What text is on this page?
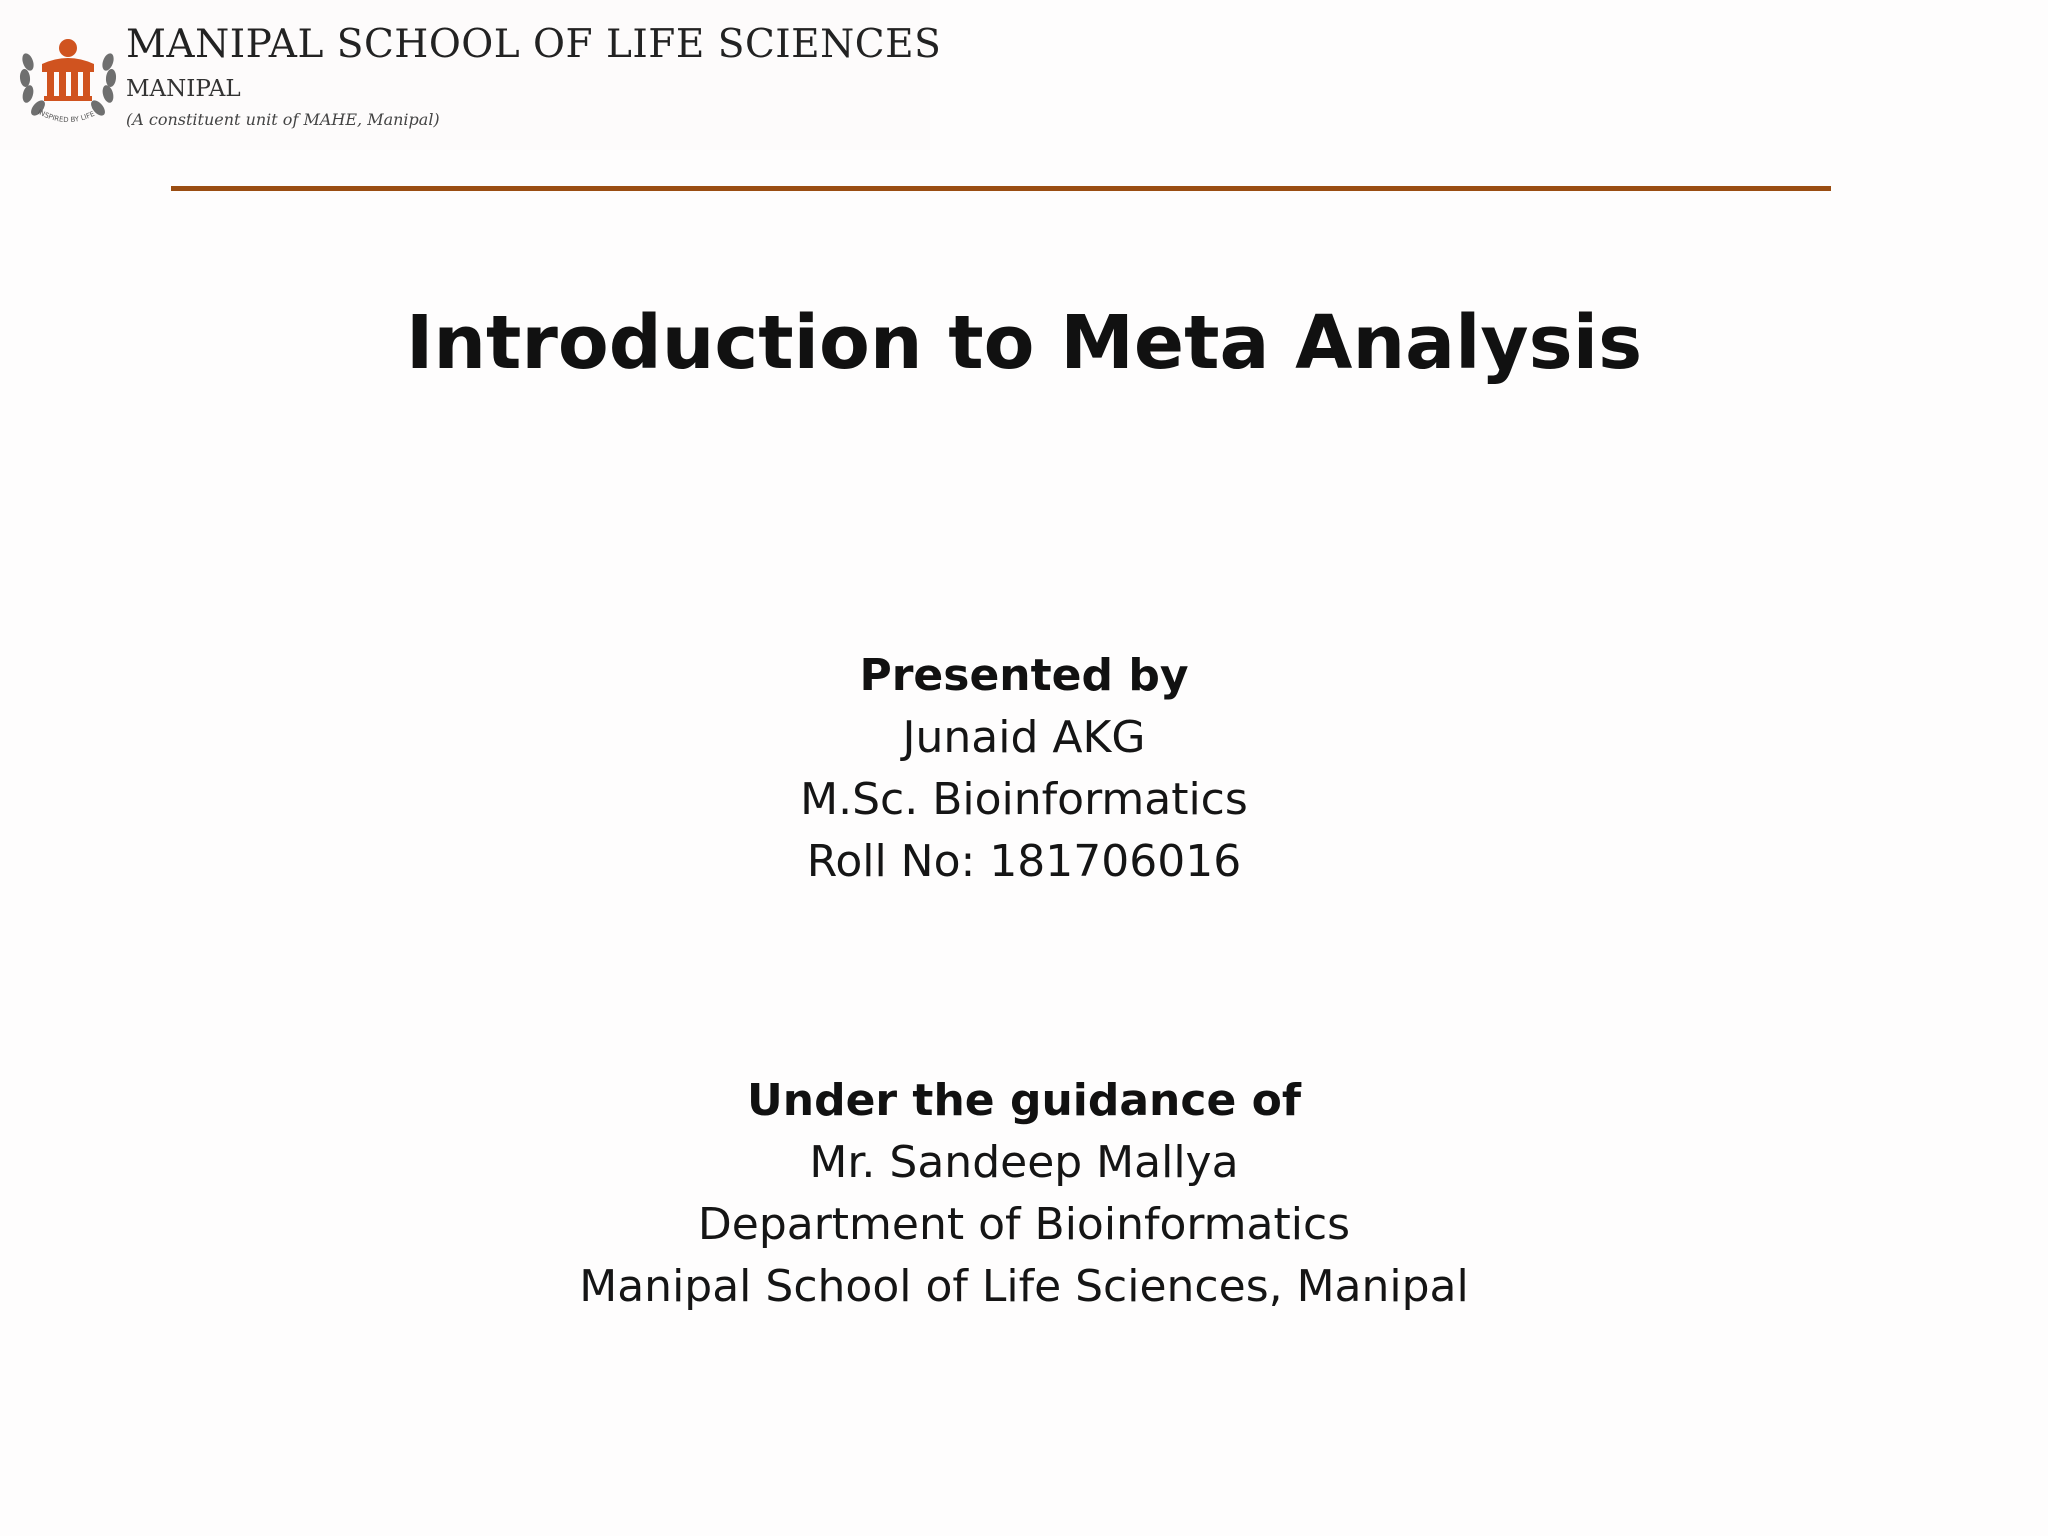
INSPIRED BY LIFE
MANIPAL SCHOOL OF LIFE SCIENCES
MANIPAL
(A constituent unit of MAHE, Manipal)
Introduction to Meta Analysis
Presented by
Junaid AKG
M.Sc. Bioinformatics
Roll No: 181706016
Under the guidance of
Mr. Sandeep Mallya
Department of Bioinformatics
Manipal School of Life Sciences, Manipal
